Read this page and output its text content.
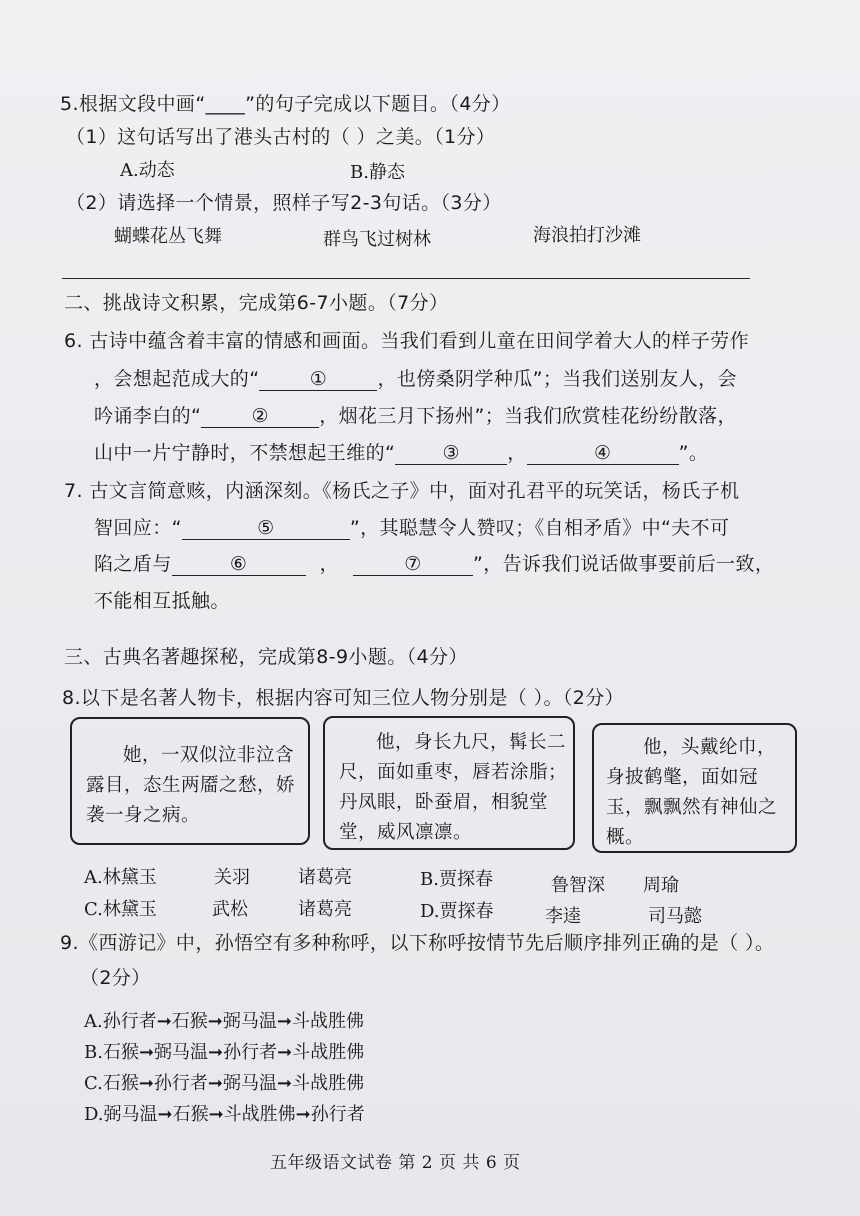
5.根据文段中画“____”的句子完成以下题目。（4分）
（1）这句话写出了港头古村的（ ）之美。（1分）
A.动态	B.静态
（2）请选择一个情景，照样子写2-3句话。（3分）
蝴蝶花丛飞舞	群鸟飞过树林	海浪拍打沙滩
二、挑战诗文积累，完成第6-7小题。（7分）
6. 古诗中蕴含着丰富的情感和画面。当我们看到儿童在田间学着大人的样子劳作
，会想起范成大的“	①	，也傍桑阴学种瓜”；当我们送别友人，会
吟诵李白的“	②	，烟花三月下扬州”；当我们欣赏桂花纷纷散落，
山中一片宁静时，不禁想起王维的“ ③ ，	④	”。
7. 古文言简意赅，内涵深刻。《杨氏之子》中，面对孔君平的玩笑话，杨氏子机
智回应：“	⑤	”，其聪慧令人赞叹；《自相矛盾》中“夫不可
陷之盾与	⑥	，	⑦	”，告诉我们说话做事要前后一致，
不能相互抵触。
三、古典名著趣探秘，完成第8-9小题。（4分）
8.以下是名著人物卡，根据内容可知三位人物分别是（ ）。（2分）
她，一双似泣非泣含露目，态生两靥之愁，娇袭一身之病。
他，身长九尺，髯长二尺，面如重枣，唇若涂脂；丹凤眼，卧蚕眉，相貌堂堂，威风凛凛。
他，头戴纶巾，身披鹤氅，面如冠玉，飘飘然有神仙之概。
A.林黛玉	关羽	诸葛亮	B.贾探春	鲁智深 周瑜
C.林黛玉	武松	诸葛亮	D.贾探春	李逵	司马懿
9.《西游记》中，孙悟空有多种称呼，以下称呼按情节先后顺序排列正确的是（ ）。
（2分）
A.孙行者➞石猴➞弼马温➞斗战胜佛
B.石猴➞弼马温➞孙行者➞斗战胜佛
C.石猴➞孙行者➞弼马温➞斗战胜佛
D.弼马温➞石猴➞斗战胜佛➞孙行者
五年级语文试卷 第 2 页 共 6 页
